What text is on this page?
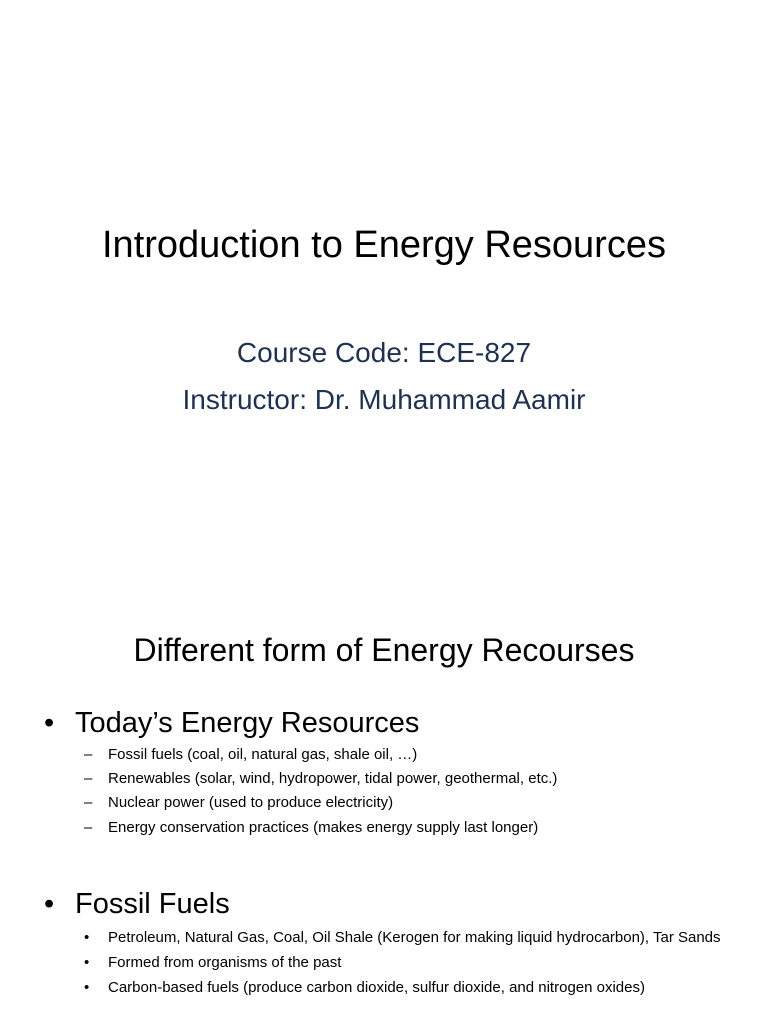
Introduction to Energy Resources
Course Code: ECE-827
Instructor: Dr. Muhammad Aamir
Different form of Energy Recourses
• Today’s Energy Resources
–	Fossil fuels (coal, oil, natural gas, shale oil, …)
–	Renewables (solar, wind, hydropower, tidal power, geothermal, etc.)
–	Nuclear power (used to produce electricity)
–	Energy conservation practices (makes energy supply last longer)
• Fossil Fuels
•	Petroleum, Natural Gas, Coal, Oil Shale (Kerogen for making liquid hydrocarbon), Tar Sands
•	Formed from organisms of the past
•	Carbon-based fuels (produce carbon dioxide, sulfur dioxide, and nitrogen oxides)
